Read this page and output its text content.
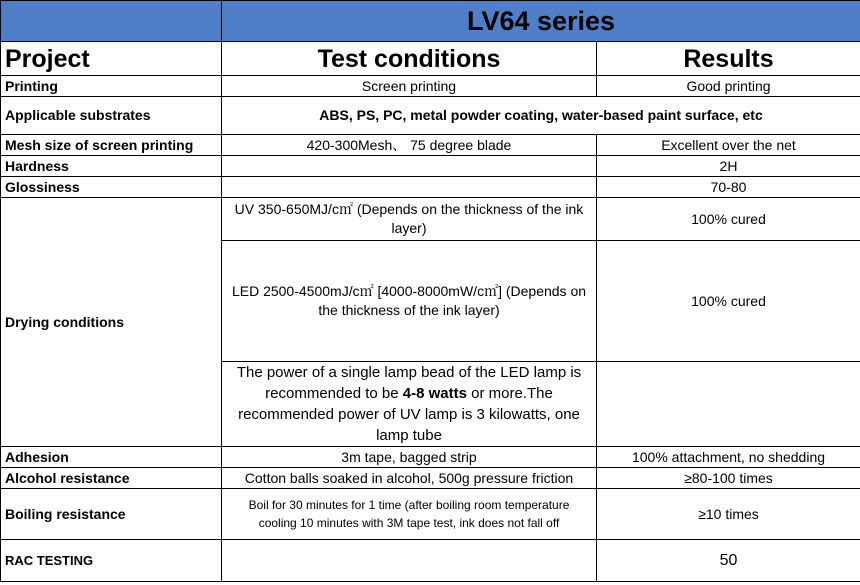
	LV64 series	
Project	Test conditions	Results
Printing	Screen printing	Good printing
Applicable substrates	ABS, PS, PC, metal powder coating, water-based paint surface, etc	
Mesh size of screen printing	420-300Mesh、 75 degree blade	Excellent over the net
Hardness		2H
Glossiness		70-80
Drying conditions	UV 350-650MJ/c㎡ (Depends on the thickness of the ink layer)	100% cured
	LED 2500-4500mJ/c㎡ [4000-8000mW/c㎡] (Depends on the thickness of the ink layer)	100% cured
	The power of a single lamp bead of the LED lamp is recommended to be 4-8 watts or more.The recommended power of UV lamp is 3 kilowatts, one lamp tube	
Adhesion	3m tape, bagged strip	100% attachment, no shedding
Alcohol resistance	Cotton balls soaked in alcohol, 500g pressure friction	≥80-100 times
Boiling resistance	Boil for 30 minutes for 1 time (after boiling room temperature cooling 10 minutes with 3M tape test, ink does not fall off	≥10 times
RAC TESTING		50
